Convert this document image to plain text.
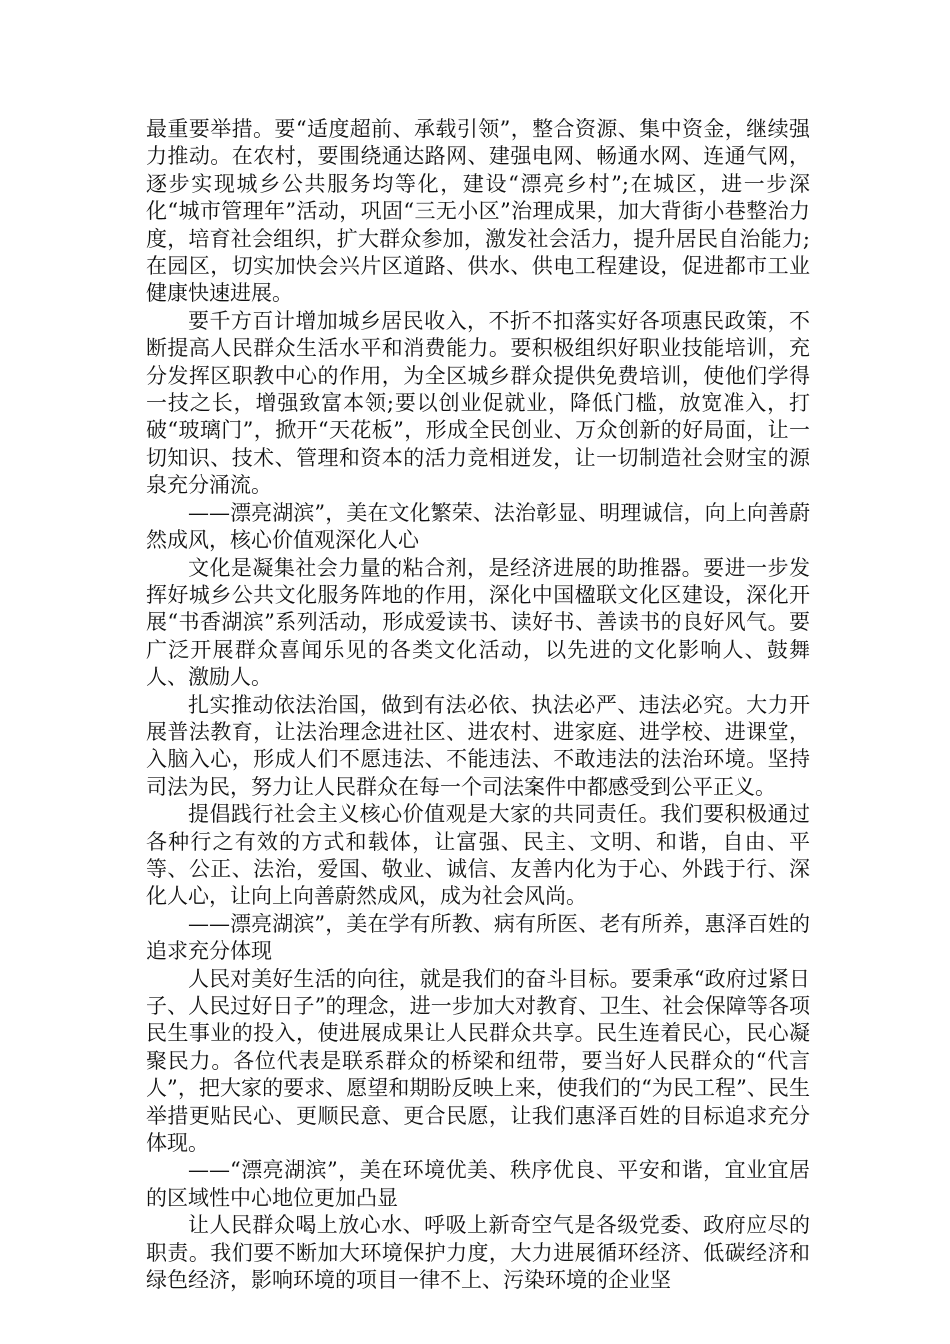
最重要举措。要“适度超前、承载引领”，整合资源、集中资金，继续强力推动。在农村，要围绕通达路网、建强电网、畅通水网、连通气网，逐步实现城乡公共服务均等化，建设“漂亮乡村”;在城区，进一步深化“城市管理年”活动，巩固“三无小区”治理成果，加大背街小巷整治力度，培育社会组织，扩大群众参加，激发社会活力，提升居民自治能力;在园区，切实加快会兴片区道路、供水、供电工程建设，促进都市工业健康快速进展。

要千方百计增加城乡居民收入，不折不扣落实好各项惠民政策，不断提高人民群众生活水平和消费能力。要积极组织好职业技能培训，充分发挥区职教中心的作用，为全区城乡群众提供免费培训，使他们学得一技之长，增强致富本领;要以创业促就业，降低门槛，放宽准入，打破“玻璃门”，掀开“天花板”，形成全民创业、万众创新的好局面，让一切知识、技术、管理和资本的活力竞相迸发，让一切制造社会财宝的源泉充分涌流。

——漂亮湖滨”，美在文化繁荣、法治彰显、明理诚信，向上向善蔚然成风，核心价值观深化人心

文化是凝集社会力量的粘合剂，是经济进展的助推器。要进一步发挥好城乡公共文化服务阵地的作用，深化中国楹联文化区建设，深化开展“书香湖滨”系列活动，形成爱读书、读好书、善读书的良好风气。要广泛开展群众喜闻乐见的各类文化活动，以先进的文化影响人、鼓舞人、激励人。

扎实推动依法治国，做到有法必依、执法必严、违法必究。大力开展普法教育，让法治理念进社区、进农村、进家庭、进学校、进课堂，入脑入心，形成人们不愿违法、不能违法、不敢违法的法治环境。坚持司法为民，努力让人民群众在每一个司法案件中都感受到公平正义。

提倡践行社会主义核心价值观是大家的共同责任。我们要积极通过各种行之有效的方式和载体，让富强、民主、文明、和谐，自由、平等、公正、法治，爱国、敬业、诚信、友善内化为于心、外践于行、深化人心，让向上向善蔚然成风，成为社会风尚。

——漂亮湖滨”，美在学有所教、病有所医、老有所养，惠泽百姓的追求充分体现

人民对美好生活的向往，就是我们的奋斗目标。要秉承“政府过紧日子、人民过好日子”的理念，进一步加大对教育、卫生、社会保障等各项民生事业的投入，使进展成果让人民群众共享。民生连着民心，民心凝聚民力。各位代表是联系群众的桥梁和纽带，要当好人民群众的“代言人”，把大家的要求、愿望和期盼反映上来，使我们的“为民工程”、民生举措更贴民心、更顺民意、更合民愿，让我们惠泽百姓的目标追求充分体现。

——“漂亮湖滨”，美在环境优美、秩序优良、平安和谐，宜业宜居的区域性中心地位更加凸显

让人民群众喝上放心水、呼吸上新奇空气是各级党委、政府应尽的职责。我们要不断加大环境保护力度，大力进展循环经济、低碳经济和绿色经济，影响环境的项目一律不上、污染环境的企业坚
